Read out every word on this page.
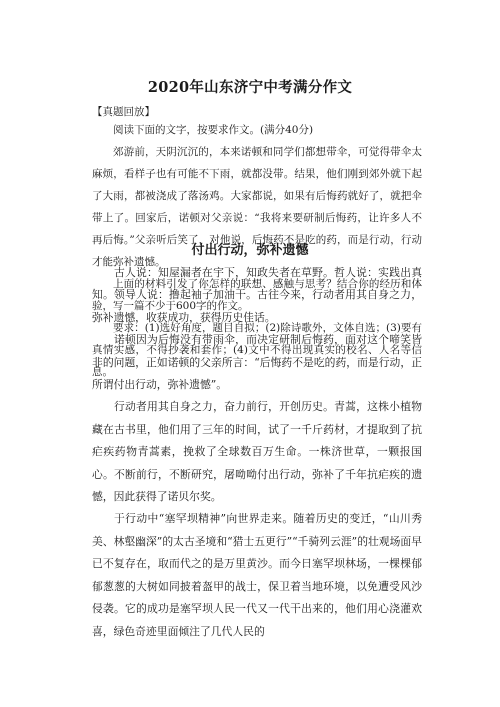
2020年山东济宁中考满分作文
【真题回放】

阅读下面的文字，按要求作文。(满分40分)

郊游前，天阴沉沉的，本来诺顿和同学们都想带伞，可觉得带伞太麻烦，看样子也有可能不下雨，就都没带。结果，他们刚到郊外就下起了大雨，都被浇成了落汤鸡。大家都说，如果有后悔药就好了，就把伞带上了。回家后，诺顿对父亲说：“我将来要研制后悔药，让许多人不再后悔。”父亲听后笑了，对他说，后悔药不是吃的药，而是行动，行动才能弥补遗憾。

上面的材料引发了你怎样的联想、感触与思考？结合你的经历和体验，写一篇不少于600字的作文。

要求：(1)选好角度，题目自拟；(2)除诗歌外，文体自选；(3)要有真情实感，不得抄袭和套作；(4)文中不得出现真实的校名、人名等信息。

付出行动，弥补遗憾

古人说：知屋漏者在宇下，知政失者在草野。哲人说：实践出真知。领导人说：撸起袖子加油干。古往今来，行动者用其自身之力，弥补遗憾，收获成功，获得历史佳话。

诺顿因为后悔没有带雨伞，而决定研制后悔药，面对这个啼笑皆非的问题，正如诺顿的父亲所言：“后悔药不是吃的药，而是行动，正所谓付出行动，弥补遗憾”。

行动者用其自身之力，奋力前行，开创历史。青蒿，这株小植物藏在古书里，他们用了三年的时间，试了一千斤药材，才提取到了抗疟疾药物青蒿素，挽救了全球数百万生命。一株济世草，一颗报国心。不断前行，不断研究，屠呦呦付出行动，弥补了千年抗疟疾的遗憾，因此获得了诺贝尔奖。

于行动中“塞罕坝精神”向世界走来。随着历史的变迁，“山川秀美、林壑幽深”的太古圣境和“猎士五更行”“千骑列云涯”的壮观场面早已不复存在，取而代之的是万里黄沙。而今日塞罕坝林场，一棵棵郁郁葱葱的大树如同披着盔甲的战士，保卫着当地环境，以免遭受风沙侵袭。它的成功是塞罕坝人民一代又一代干出来的，他们用心浇灌欢喜，绿色奇迹里面倾注了几代人民的
